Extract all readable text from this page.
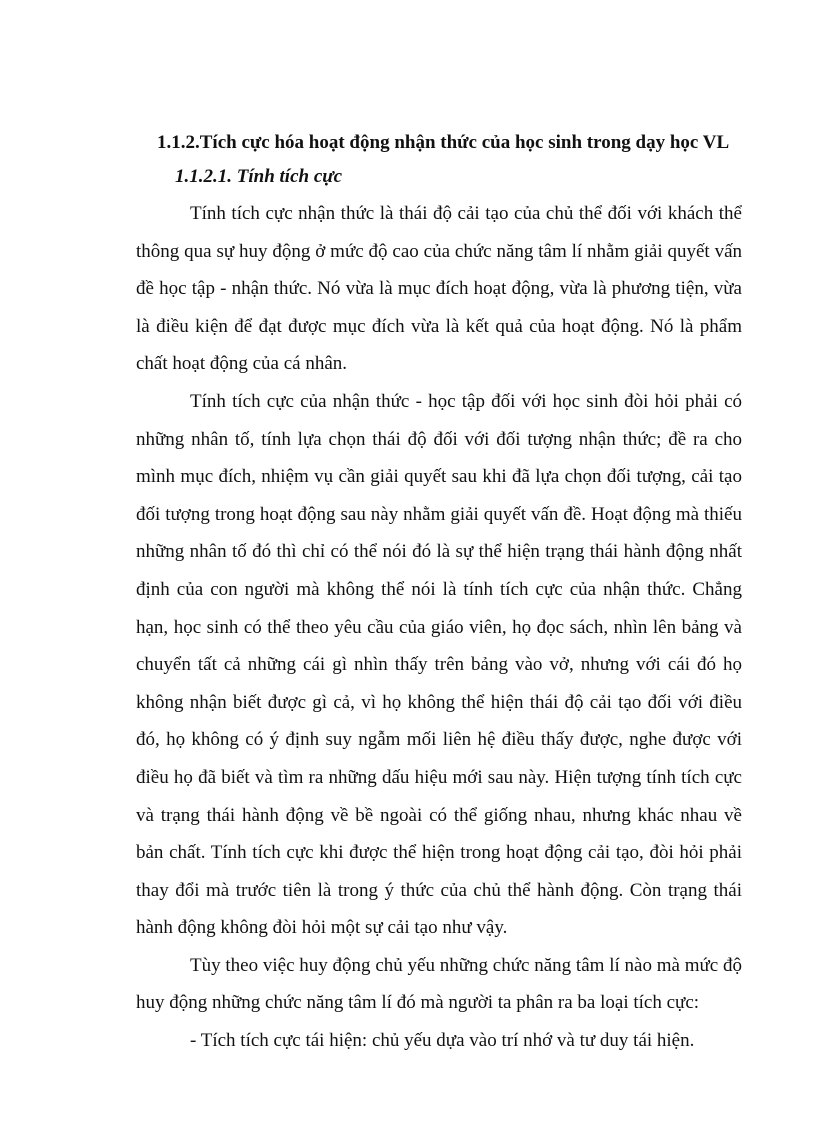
1.1.2.Tích cực hóa hoạt động nhận thức của học sinh trong dạy học VL
1.1.2.1. Tính tích cực

Tính tích cực nhận thức là thái độ cải tạo của chủ thể đối với khách thể thông qua sự huy động ở mức độ cao của chức năng tâm lí nhằm giải quyết vấn đề học tập - nhận thức. Nó vừa là mục đích hoạt động, vừa là phương tiện, vừa là điều kiện để đạt được mục đích vừa là kết quả của hoạt động. Nó là phẩm chất hoạt động của cá nhân.

Tính tích cực của nhận thức - học tập đối với học sinh đòi hỏi phải có những nhân tố, tính lựa chọn thái độ đối với đối tượng nhận thức; đề ra cho mình mục đích, nhiệm vụ cần giải quyết sau khi đã lựa chọn đối tượng, cải tạo đối tượng trong hoạt động sau này nhằm giải quyết vấn đề. Hoạt động mà thiếu những nhân tố đó thì chỉ có thể nói đó là sự thể hiện trạng thái hành động nhất định của con người mà không thể nói là tính tích cực của nhận thức. Chẳng hạn, học sinh có thể theo yêu cầu của giáo viên, họ đọc sách, nhìn lên bảng và chuyển tất cả những cái gì nhìn thấy trên bảng vào vở, nhưng với cái đó họ không nhận biết được gì cả, vì họ không thể hiện thái độ cải tạo đối với điều đó, họ không có ý định suy ngẫm mối liên hệ điều thấy được, nghe được với điều họ đã biết và tìm ra những dấu hiệu mới sau này. Hiện tượng tính tích cực và trạng thái hành động về bề ngoài có thể giống nhau, nhưng khác nhau về bản chất. Tính tích cực khi được thể hiện trong hoạt động cải tạo, đòi hỏi phải thay đổi mà trước tiên là trong ý thức của chủ thể hành động. Còn trạng thái hành động không đòi hỏi một sự cải tạo như vậy.

Tùy theo việc huy động chủ yếu những chức năng tâm lí nào mà mức độ huy động những chức năng tâm lí đó mà người ta phân ra ba loại tích cực:

- Tích tích cực tái hiện: chủ yếu dựa vào trí nhớ và tư duy tái hiện.
